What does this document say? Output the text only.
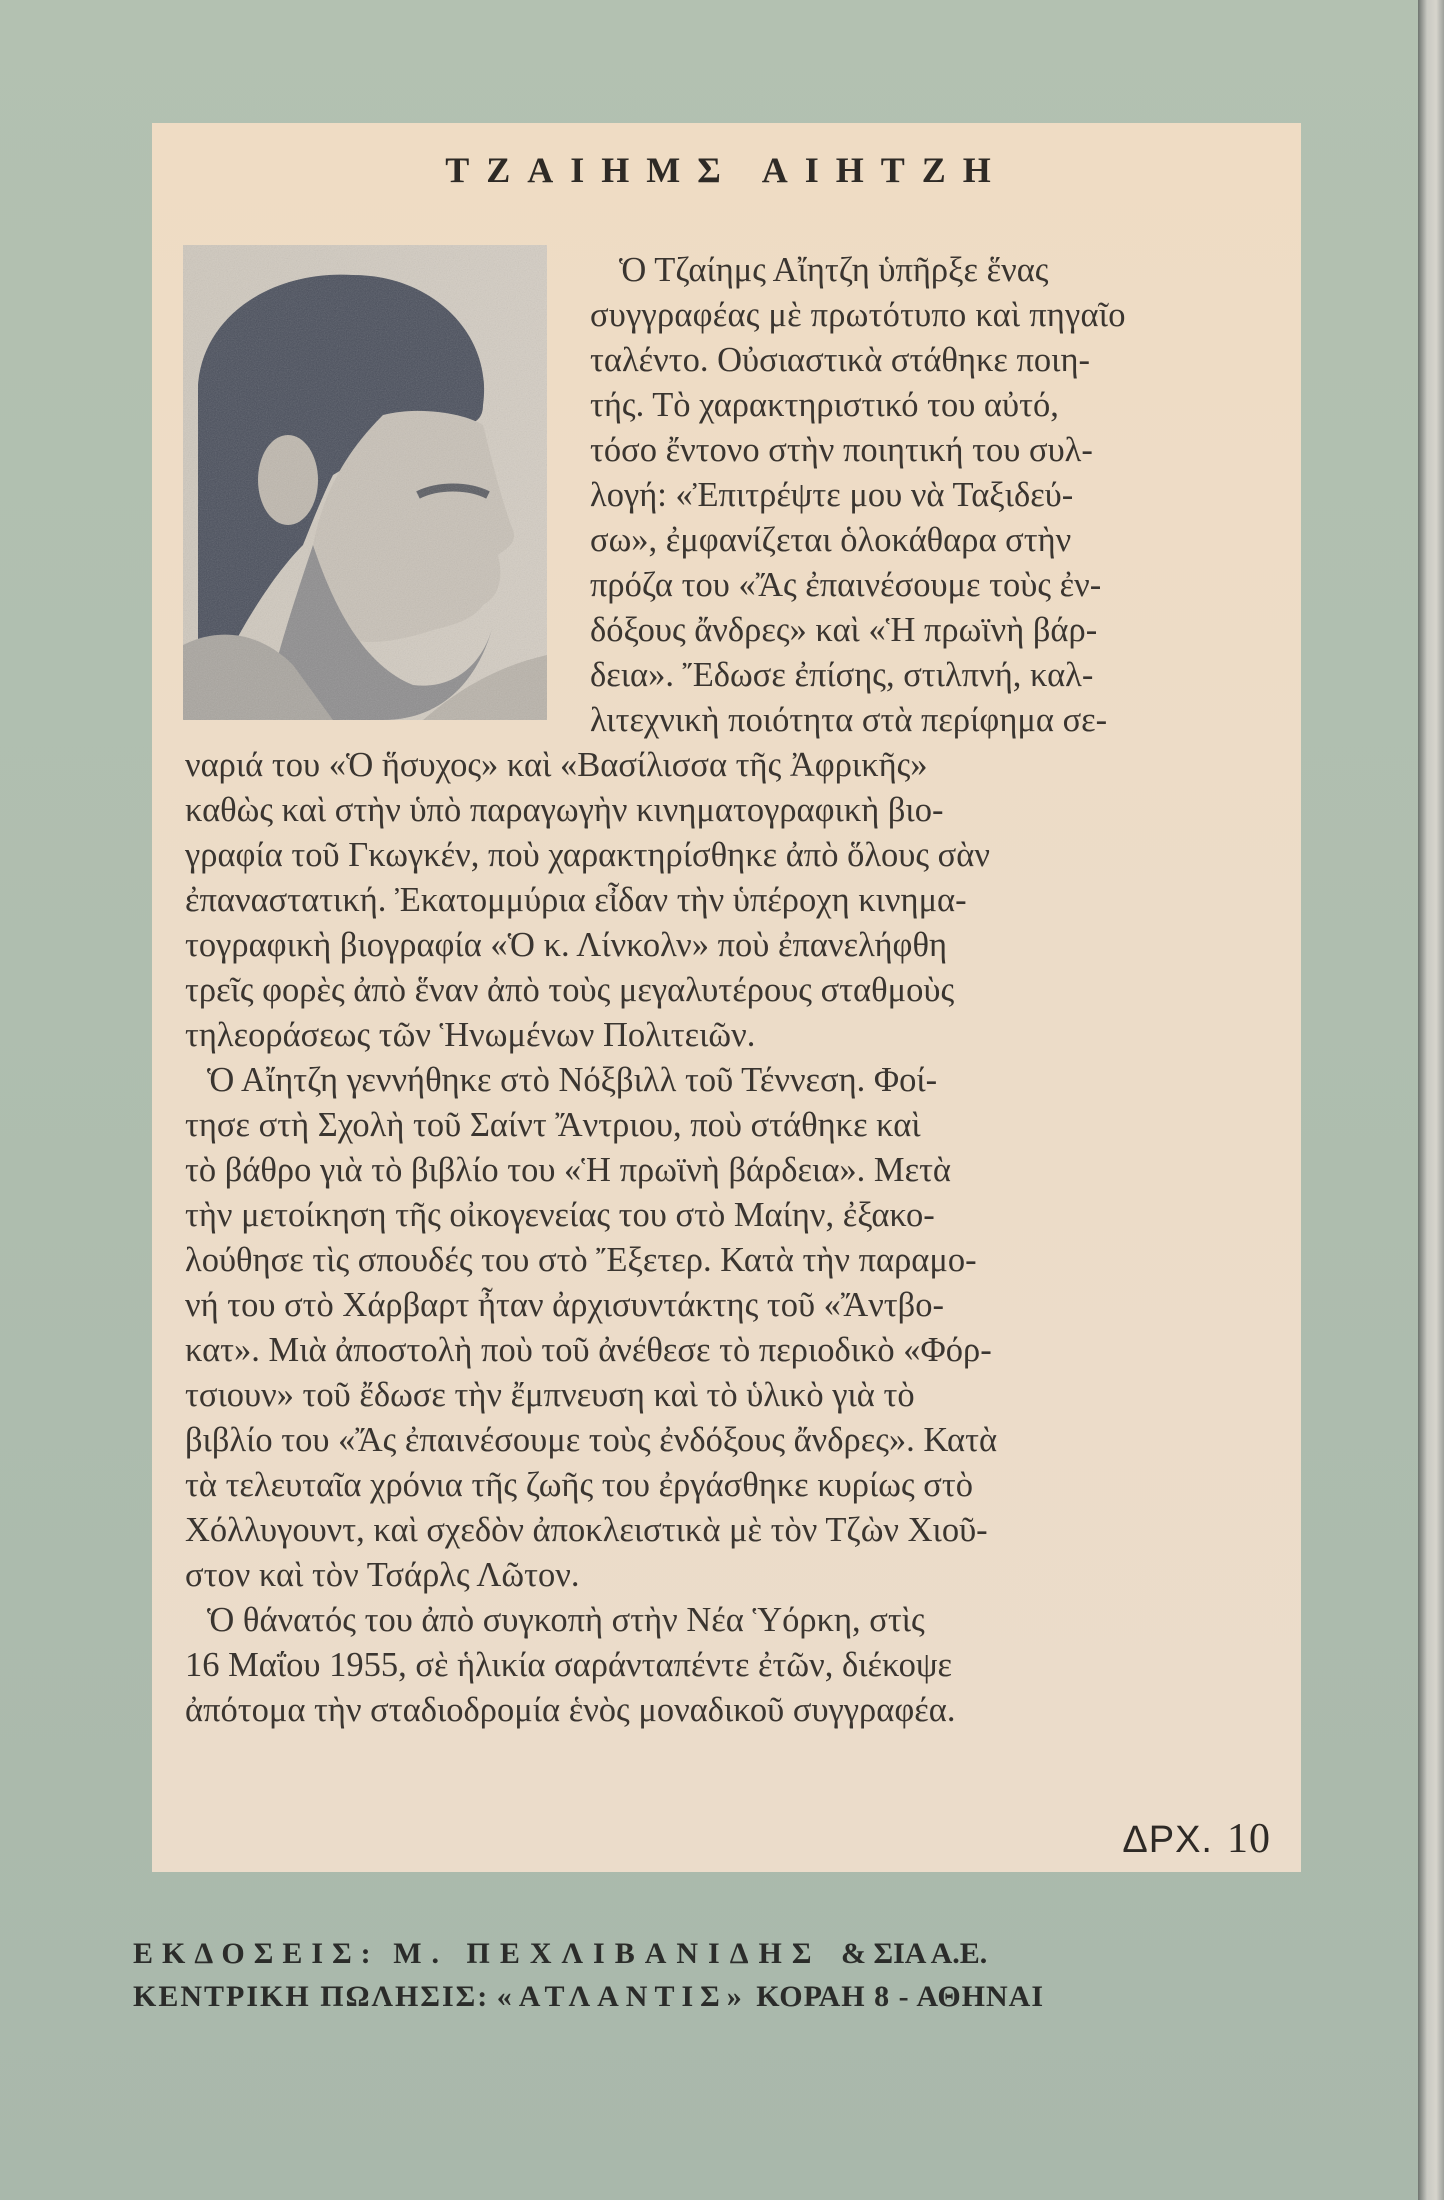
ΤΖΑΙΗΜΣ ΑΙΗΤΖΗ
Ὁ Τζαίημς Αἴητζη ὑπῆρξε ἕνας
συγγραφέας μὲ πρωτότυπο καὶ πηγαῖο
ταλέντο. Οὐσιαστικὰ στάθηκε ποιη-
τής. Τὸ χαρακτηριστικό του αὐτό,
τόσο ἔντονο στὴν ποιητική του συλ-
λογή: «Ἐπιτρέψτε μου νὰ Ταξιδεύ-
σω», ἐμφανίζεται ὁλοκάθαρα στὴν
πρόζα του «Ἄς ἐπαινέσουμε τοὺς ἐν-
δόξους ἄνδρες» καὶ «Ἡ πρωϊνὴ βάρ-
δεια». Ἔδωσε ἐπίσης, στιλπνή, καλ-
λιτεχνικὴ ποιότητα στὰ περίφημα σε-
ναριά του «Ὁ ἥσυχος» καὶ «Βασίλισσα τῆς Ἀφρικῆς»
καθὼς καὶ στὴν ὑπὸ παραγωγὴν κινηματογραφικὴ βιο-
γραφία τοῦ Γκωγκέν, ποὺ χαρακτηρίσθηκε ἀπὸ ὅλους σὰν
ἐπαναστατική. Ἐκατομμύρια εἶδαν τὴν ὑπέροχη κινημα-
τογραφικὴ βιογραφία «Ὁ κ. Λίνκολν» ποὺ ἐπανελήφθη
τρεῖς φορὲς ἀπὸ ἕναν ἀπὸ τοὺς μεγαλυτέρους σταθμοὺς
τηλεοράσεως τῶν Ἡνωμένων Πολιτειῶν.
Ὁ Αἴητζη γεννήθηκε στὸ Νόξβιλλ τοῦ Τέννεση. Φοί-
τησε στὴ Σχολὴ τοῦ Σαίντ Ἄντριου, ποὺ στάθηκε καὶ
τὸ βάθρο γιὰ τὸ βιβλίο του «Ἡ πρωϊνὴ βάρδεια». Μετὰ
τὴν μετοίκηση τῆς οἰκογενείας του στὸ Μαίην, ἐξακο-
λούθησε τὶς σπουδές του στὸ Ἔξετερ. Κατὰ τὴν παραμο-
νή του στὸ Χάρβαρτ ἦταν ἀρχισυντάκτης τοῦ «Ἄντβο-
κατ». Μιὰ ἀποστολὴ ποὺ τοῦ ἀνέθεσε τὸ περιοδικὸ «Φόρ-
τσιουν» τοῦ ἔδωσε τὴν ἔμπνευση καὶ τὸ ὑλικὸ γιὰ τὸ
βιβλίο του «Ἄς ἐπαινέσουμε τοὺς ἐνδόξους ἄνδρες». Κατὰ
τὰ τελευταῖα χρόνια τῆς ζωῆς του ἐργάσθηκε κυρίως στὸ
Χόλλυγουντ, καὶ σχεδὸν ἀποκλειστικὰ μὲ τὸν Τζὼν Χιοῦ-
στον καὶ τὸν Τσάρλς Λῶτον.
Ὁ θάνατός του ἀπὸ συγκοπὴ στὴν Νέα Ὑόρκη, στὶς
16 Μαΐου 1955, σὲ ἡλικία σαράνταπέντε ἐτῶν, διέκοψε
ἀπότομα τὴν σταδιοδρομία ἑνὸς μοναδικοῦ συγγραφέα.
ΔΡΧ. 10
ΕΚΔΟΣΕΙΣ: Μ. ΠΕΧΛΙΒΑΝΙΔΗΣ & ΣΙΑ Α.Ε.
ΚΕΝΤΡΙΚΗ ΠΩΛΗΣΙΣ: «ΑΤΛΑΝΤΙΣ» ΚΟΡΑΗ 8 - ΑΘΗΝΑΙ
